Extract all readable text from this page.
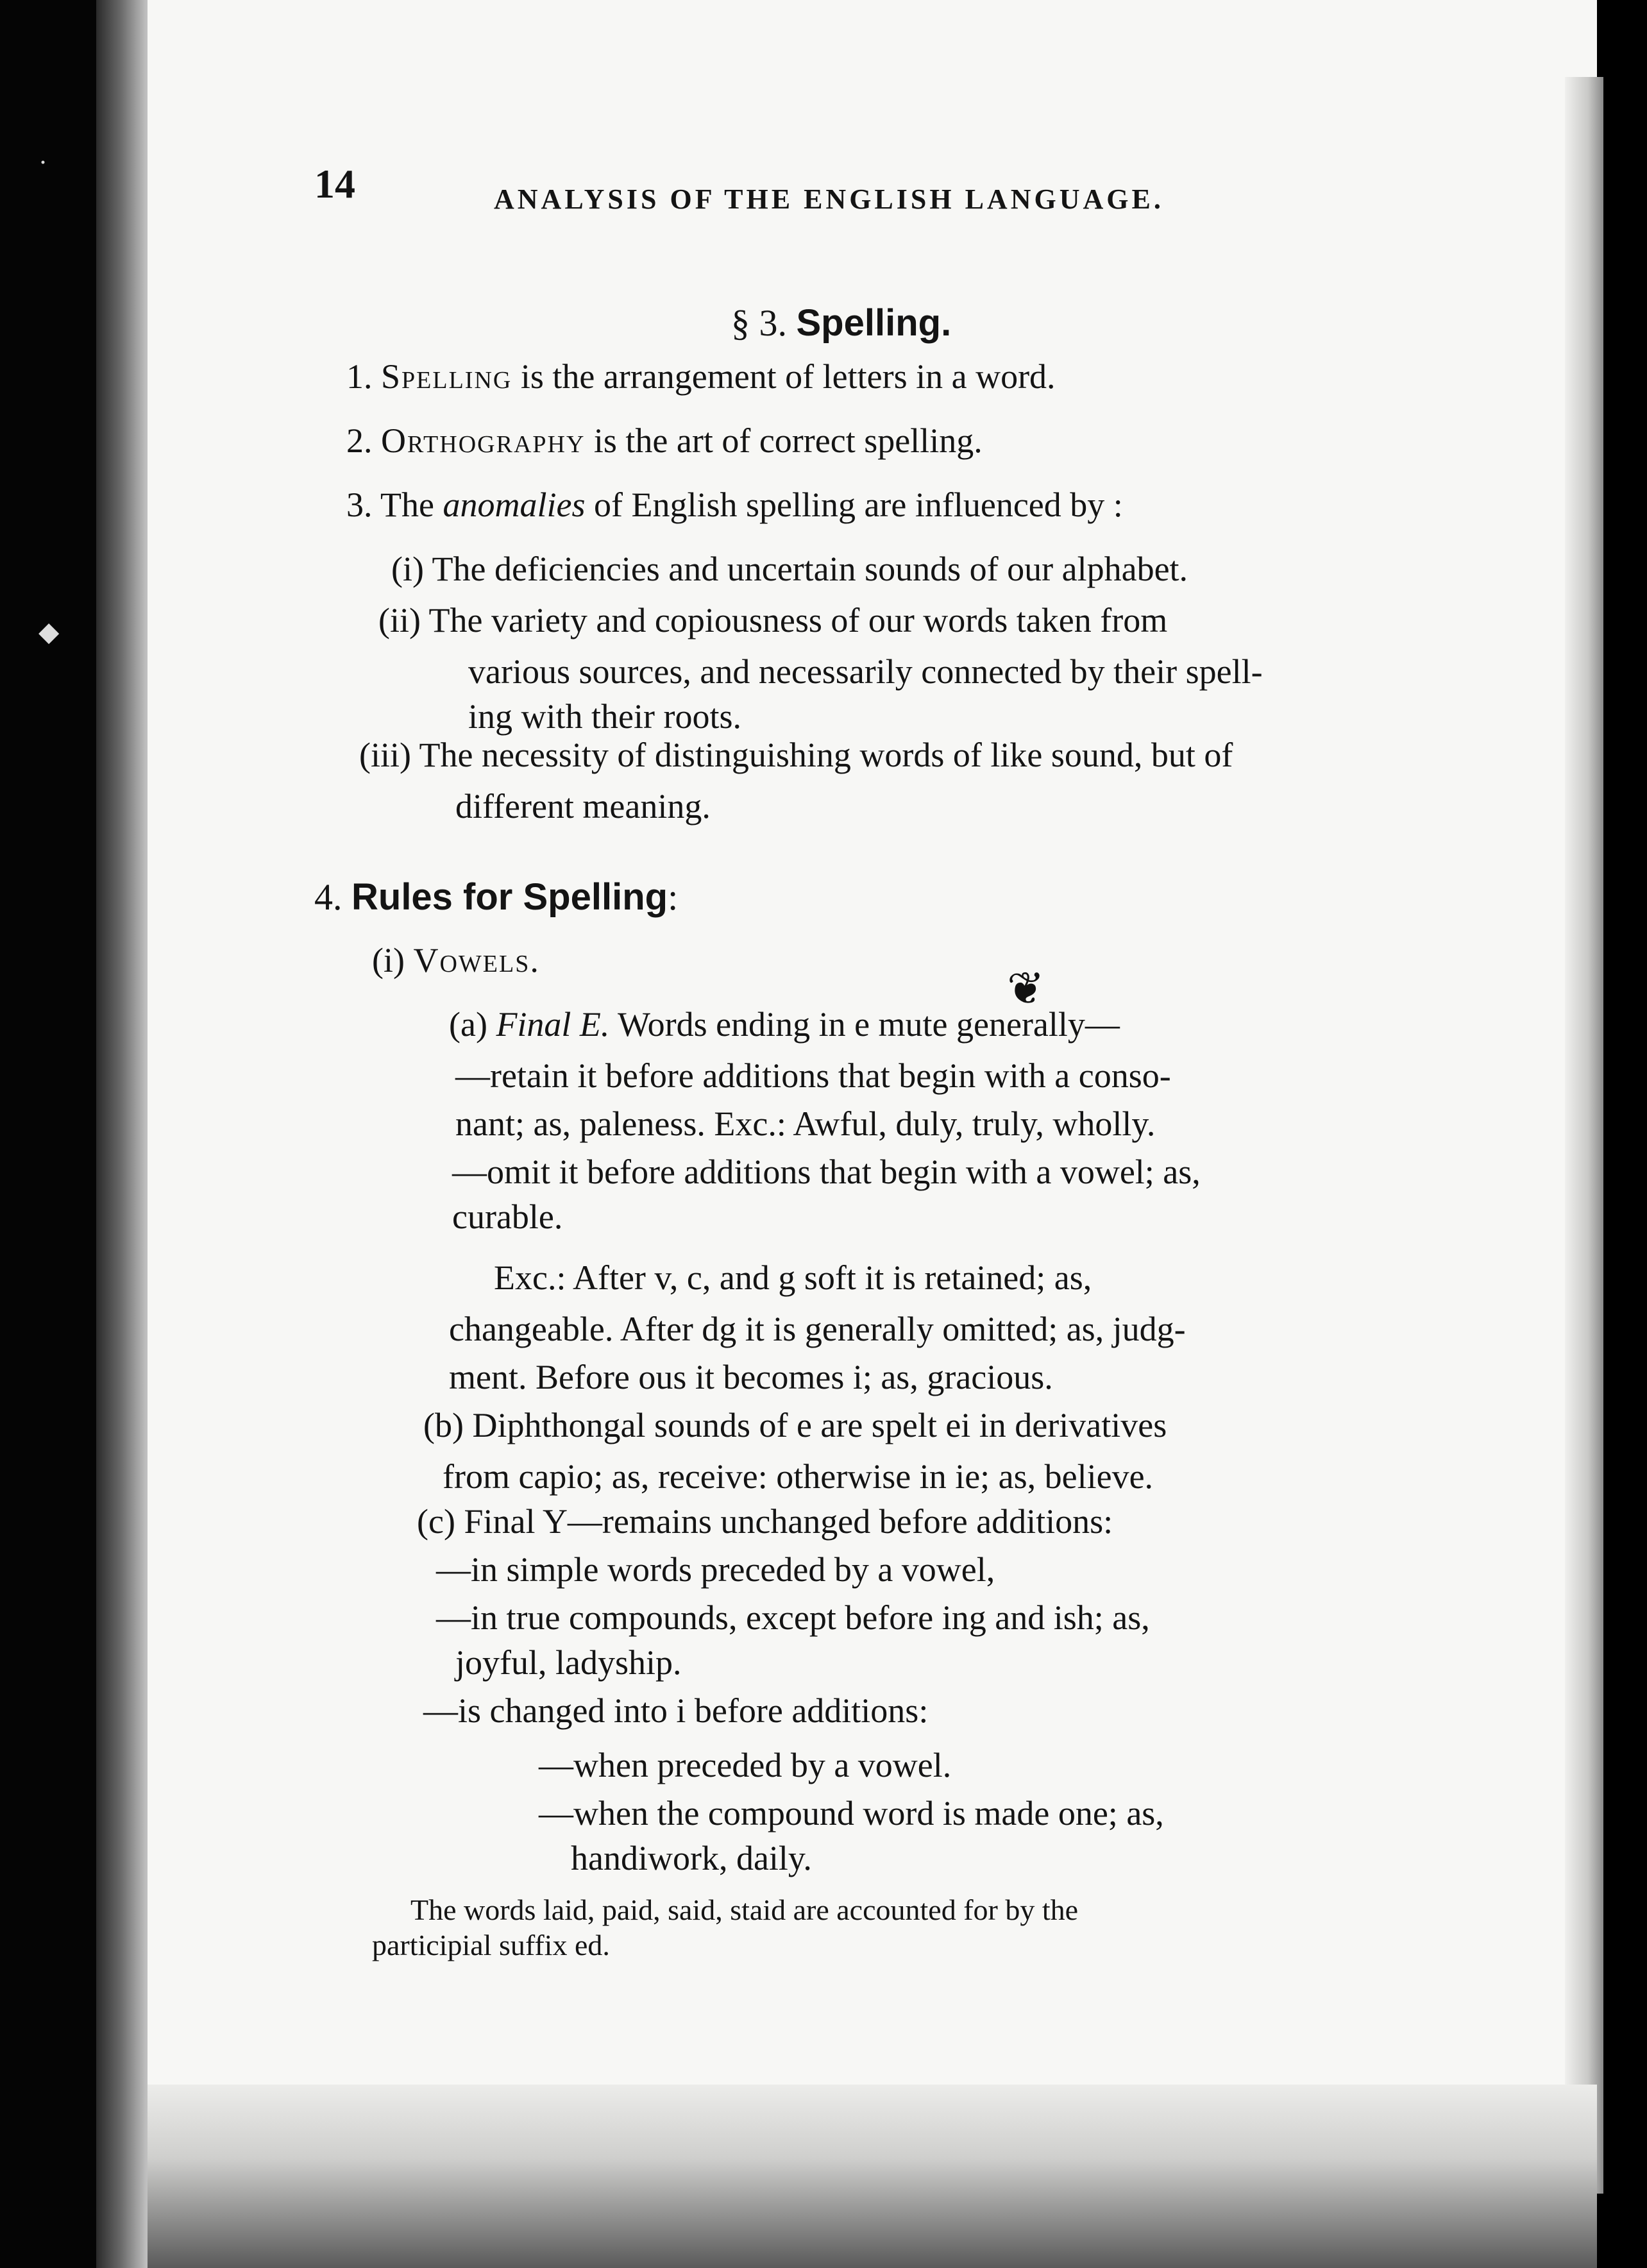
·
◆
14	ANALYSIS OF THE ENGLISH LANGUAGE.
§ 3. Spelling.
1. Spelling is the arrangement of letters in a word.
2. Orthography is the art of correct spelling.
3. The anomalies of English spelling are influenced by :
(i) The deficiencies and uncertain sounds of our alphabet.
(ii) The variety and copiousness of our words taken from
various sources, and necessarily connected by their spell-
ing with their roots.
(iii) The necessity of distinguishing words of like sound, but of
different meaning.
4. Rules for Spelling:
(i) Vowels.
❦
(a) Final E. Words ending in e mute generally—
—retain it before additions that begin with a conso-
nant; as, paleness. Exc.: Awful, duly, truly, wholly.
—omit it before additions that begin with a vowel; as,
curable.
Exc.: After v, c, and g soft it is retained; as,
changeable. After dg it is generally omitted; as, judg-
ment. Before ous it becomes i; as, gracious.
(b) Diphthongal sounds of e are spelt ei in derivatives
from capio; as, receive: otherwise in ie; as, believe.
(c) Final Y—remains unchanged before additions:
—in simple words preceded by a vowel,
—in true compounds, except before ing and ish; as,
joyful, ladyship.
—is changed into i before additions:
—when preceded by a vowel.
—when the compound word is made one; as,
handiwork, daily.
The words laid, paid, said, staid are accounted for by the
participial suffix ed.
